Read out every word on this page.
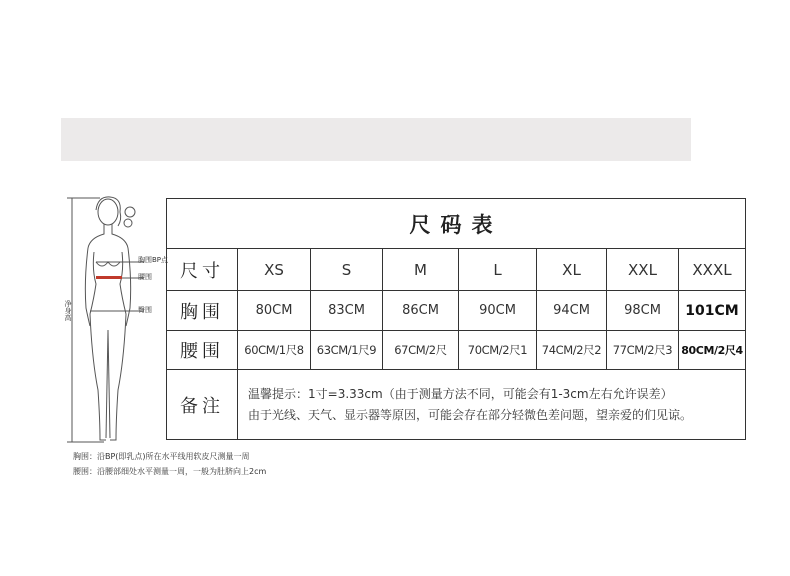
胸围 BP点
腰围
臀围
净身高
尺码表							
尺寸	XS	S	M	L	XL	XXL	XXXL
胸围	80CM	83CM	86CM	90CM	94CM	98CM	101CM
腰围	60CM/1尺8	63CM/1尺9	67CM/2尺	70CM/2尺1	74CM/2尺2	77CM/2尺3	80CM/2尺4
备注	温馨提示：1寸=3.33cm（由于测量方法不同，可能会有1-3cm左右允许误差）
由于光线、天气、显示器等原因，可能会存在部分轻微色差问题，望亲爱的们见谅。						
胸围：沿BP(即乳点)所在水平线用软皮尺测量一周
腰围：沿腰部细处水平测量一周，一般为肚脐向上2cm
